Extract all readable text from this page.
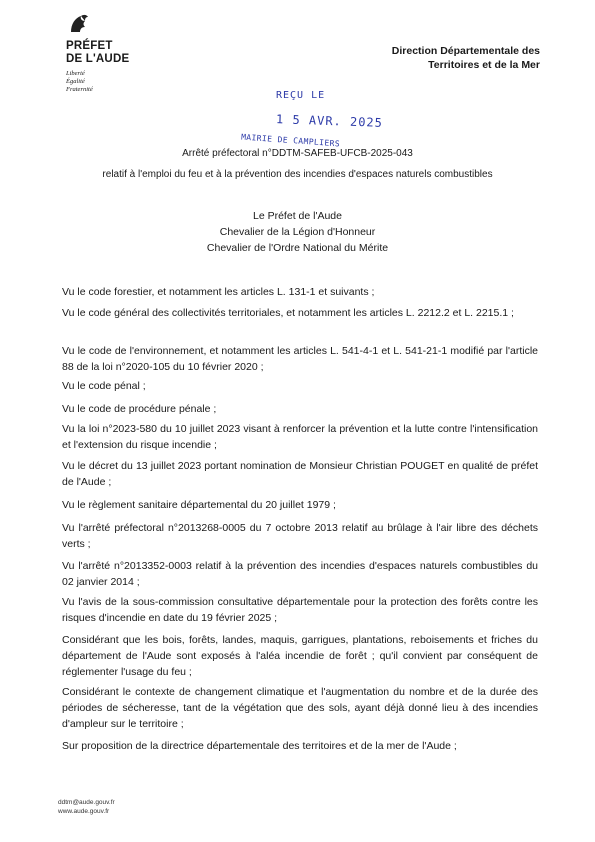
PRÉFET
DE L'AUDE
Liberté
Égalité
Fraternité
Direction Départementale des
Territoires et de la Mer
REÇU LE
1 5 AVR. 2025
MAIRIE DE CAMPLIERS
Arrêté préfectoral n°DDTM-SAFEB-UFCB-2025-043
relatif à l'emploi du feu et à la prévention des incendies d'espaces naturels combustibles
Le Préfet de l'Aude
Chevalier de la Légion d'Honneur
Chevalier de l'Ordre National du Mérite

Vu le code forestier, et notamment les articles L. 131-1 et suivants ;

Vu le code général des collectivités territoriales, et notamment les articles L. 2212.2 et L. 2215.1 ;

Vu le code de l'environnement, et notamment les articles L. 541-4-1 et L. 541-21-1 modifié par l'article 88 de la loi n°2020-105 du 10 février 2020 ;

Vu le code pénal ;

Vu le code de procédure pénale ;

Vu la loi n°2023-580 du 10 juillet 2023 visant à renforcer la prévention et la lutte contre l'intensification et l'extension du risque incendie ;

Vu le décret du 13 juillet 2023 portant nomination de Monsieur Christian POUGET en qualité de préfet de l'Aude ;

Vu le règlement sanitaire départemental du 20 juillet 1979 ;

Vu l'arrêté préfectoral n°2013268-0005 du 7 octobre 2013 relatif au brûlage à l'air libre des déchets verts ;

Vu l'arrêté n°2013352-0003 relatif à la prévention des incendies d'espaces naturels combustibles du 02 janvier 2014 ;

Vu l'avis de la sous-commission consultative départementale pour la protection des forêts contre les risques d'incendie en date du 19 février 2025 ;

Considérant que les bois, forêts, landes, maquis, garrigues, plantations, reboisements et friches du département de l'Aude sont exposés à l'aléa incendie de forêt ; qu'il convient par conséquent de réglementer l'usage du feu ;

Considérant le contexte de changement climatique et l'augmentation du nombre et de la durée des périodes de sécheresse, tant de la végétation que des sols, ayant déjà donné lieu à des incendies d'ampleur sur le territoire ;

Sur proposition de la directrice départementale des territoires et de la mer de l'Aude ;

ddtm@aude.gouv.fr
www.aude.gouv.fr
